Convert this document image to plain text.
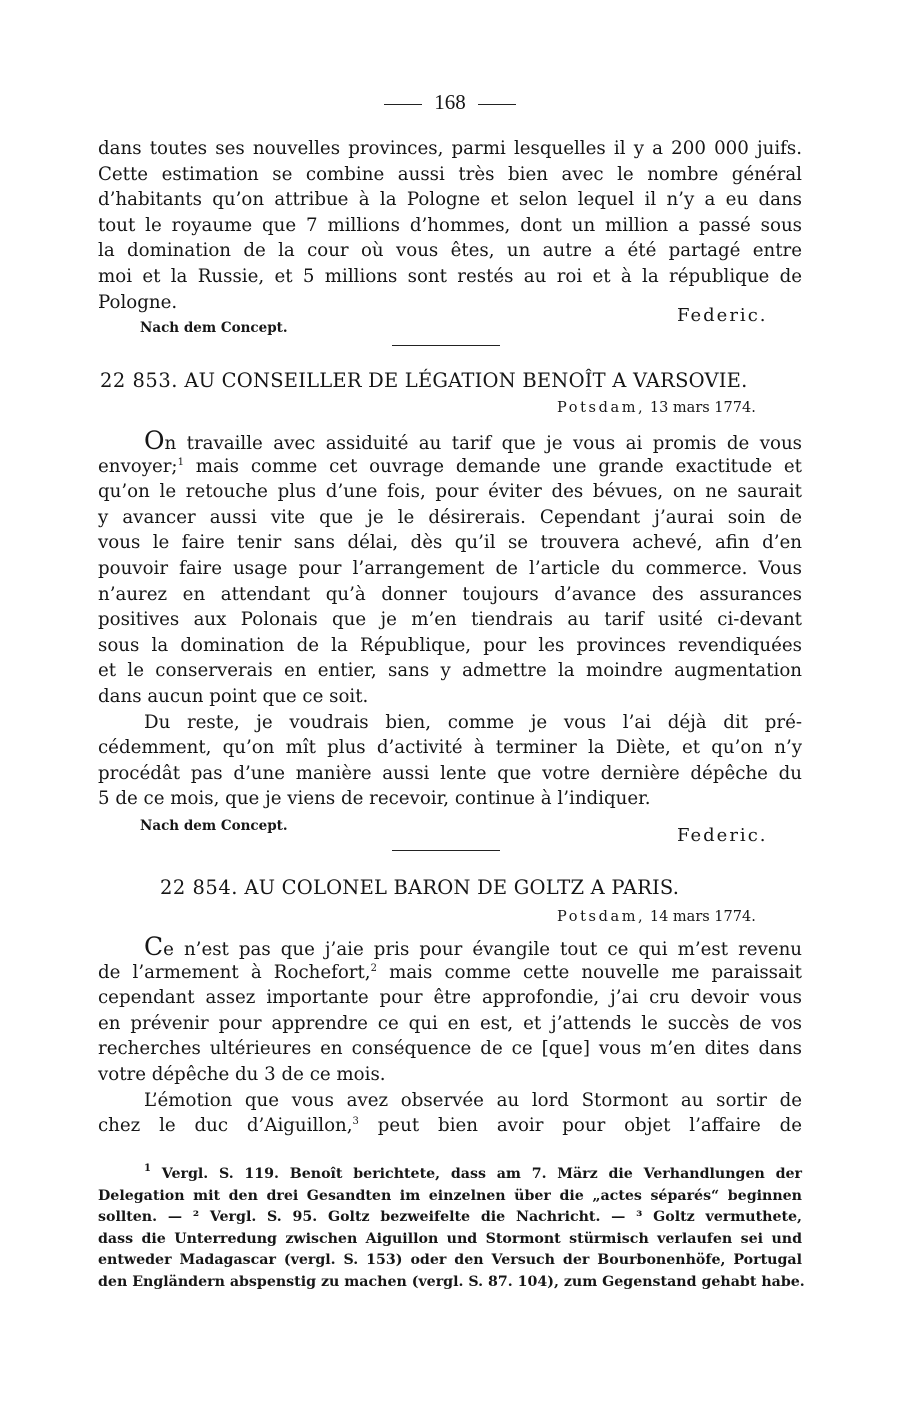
168
dans toutes ses nouvelles provinces, parmi lesquelles il y a 200 000 juifs.
Cette estimation se combine aussi très bien avec le nombre général
d’habitants qu’on attribue à la Pologne et selon lequel il n’y a eu dans
tout le royaume que 7 millions d’hommes, dont un million a passé sous
la domination de la cour où vous êtes, un autre a été partagé entre
moi et la Russie, et 5 millions sont restés au roi et à la république de
Pologne.
Federic.
Nach dem Concept.
22 853. AU CONSEILLER DE LÉGATION BENOÎT A VARSOVIE.
Potsdam, 13 mars 1774.
On travaille avec assiduité au tarif que je vous ai promis de vous
envoyer;$^1$ mais comme cet ouvrage demande une grande exactitude et
qu’on le retouche plus d’une fois, pour éviter des bévues, on ne saurait
y avancer aussi vite que je le désirerais. Cependant j’aurai soin de
vous le faire tenir sans délai, dès qu’il se trouvera achevé, afin d’en
pouvoir faire usage pour l’arrangement de l’article du commerce. Vous
n’aurez en attendant qu’à donner toujours d’avance des assurances
positives aux Polonais que je m’en tiendrais au tarif usité ci-devant
sous la domination de la République, pour les provinces revendiquées
et le conserverais en entier, sans y admettre la moindre augmentation
dans aucun point que ce soit.
Du reste, je voudrais bien, comme je vous l’ai déjà dit pré-
cédemment, qu’on mît plus d’activité à terminer la Diète, et qu’on n’y
procédât pas d’une manière aussi lente que votre dernière dépêche du
5 de ce mois, que je viens de recevoir, continue à l’indiquer.
Nach dem Concept.	Federic.
22 854. AU COLONEL BARON DE GOLTZ A PARIS.
Potsdam, 14 mars 1774.
Ce n’est pas que j’aie pris pour évangile tout ce qui m’est revenu
de l’armement à Rochefort,$^2$ mais comme cette nouvelle me paraissait
cependant assez importante pour être approfondie, j’ai cru devoir vous
en prévenir pour apprendre ce qui en est, et j’attends le succès de vos
recherches ultérieures en conséquence de ce [que] vous m’en dites dans
votre dépêche du 3 de ce mois.
L’émotion que vous avez observée au lord Stormont au sortir de
chez le duc d’Aiguillon,$^3$ peut bien avoir pour objet l’affaire de
$^1$ Vergl. S. 119. Benoît berichtete, dass am 7. März die Verhandlungen der
Delegation mit den drei Gesandten im einzelnen über die „actes séparés“ beginnen
sollten. — ² Vergl. S. 95. Goltz bezweifelte die Nachricht. — ³ Goltz vermuthete,
dass die Unterredung zwischen Aiguillon und Stormont stürmisch verlaufen sei und
entweder Madagascar (vergl. S. 153) oder den Versuch der Bourbonenhöfe, Portugal
den Engländern abspenstig zu machen (vergl. S. 87. 104), zum Gegenstand gehabt habe.
